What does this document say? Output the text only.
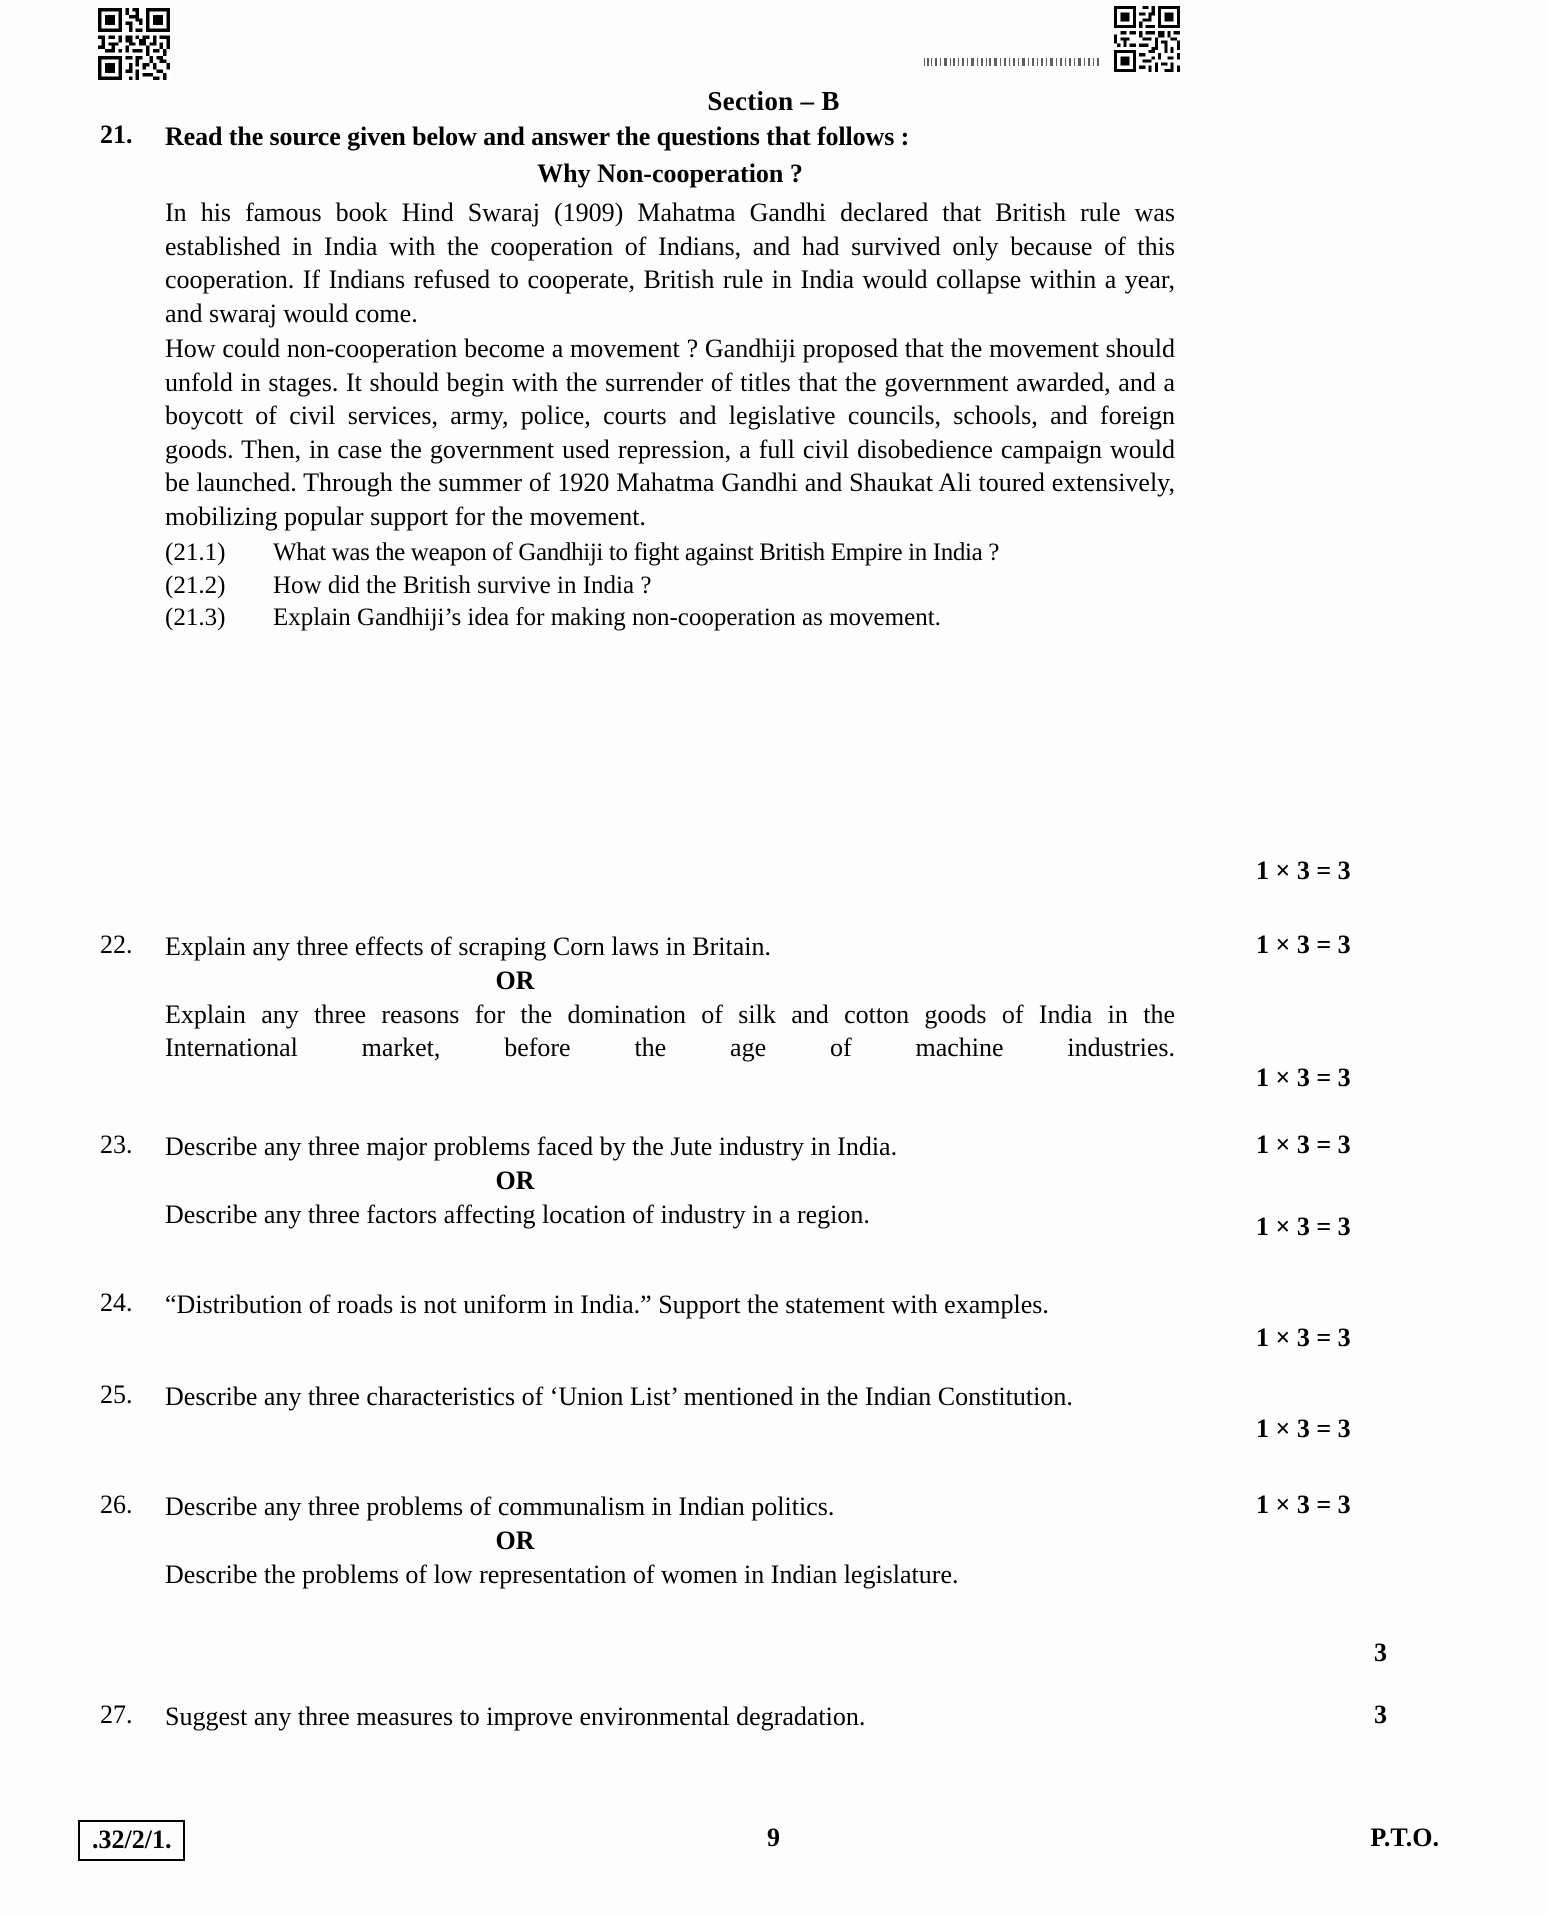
Section – B
21.	Read the source given below and answer the questions that follows :
Why Non-cooperation ?
In his famous book Hind Swaraj (1909) Mahatma Gandhi declared that British rule was established in India with the cooperation of Indians, and had survived only because of this cooperation. If Indians refused to cooperate, British rule in India would collapse within a year, and swaraj would come.
How could non-cooperation become a movement ? Gandhiji proposed that the movement should unfold in stages. It should begin with the surrender of titles that the government awarded, and a boycott of civil services, army, police, courts and legislative councils, schools, and foreign goods. Then, in case the government used repression, a full civil disobedience campaign would be launched. Through the summer of 1920 Mahatma Gandhi and Shaukat Ali toured extensively, mobilizing popular support for the movement.
(21.1)	What was the weapon of Gandhiji to fight against British Empire in India ?
(21.2)	How did the British survive in India ?
(21.3)	Explain Gandhiji’s idea for making non-cooperation as movement.
1 × 3 = 3
22.	Explain any three effects of scraping Corn laws in Britain.
OR
Explain any three reasons for the domination of silk and cotton goods of India in the International market, before the age of machine industries.
1 × 3 = 3
1 × 3 = 3
23.	Describe any three major problems faced by the Jute industry in India.
OR
Describe any three factors affecting location of industry in a region.
1 × 3 = 3
1 × 3 = 3
24.	“Distribution of roads is not uniform in India.” Support the statement with examples.
1 × 3 = 3
25.	Describe any three characteristics of ‘Union List’ mentioned in the Indian Constitution.
1 × 3 = 3
26.	Describe any three problems of communalism in Indian politics.
OR
Describe the problems of low representation of women in Indian legislature.
1 × 3 = 3
3
27.	Suggest any three measures to improve environmental degradation.	3
.32/2/1.	9	P.T.O.
